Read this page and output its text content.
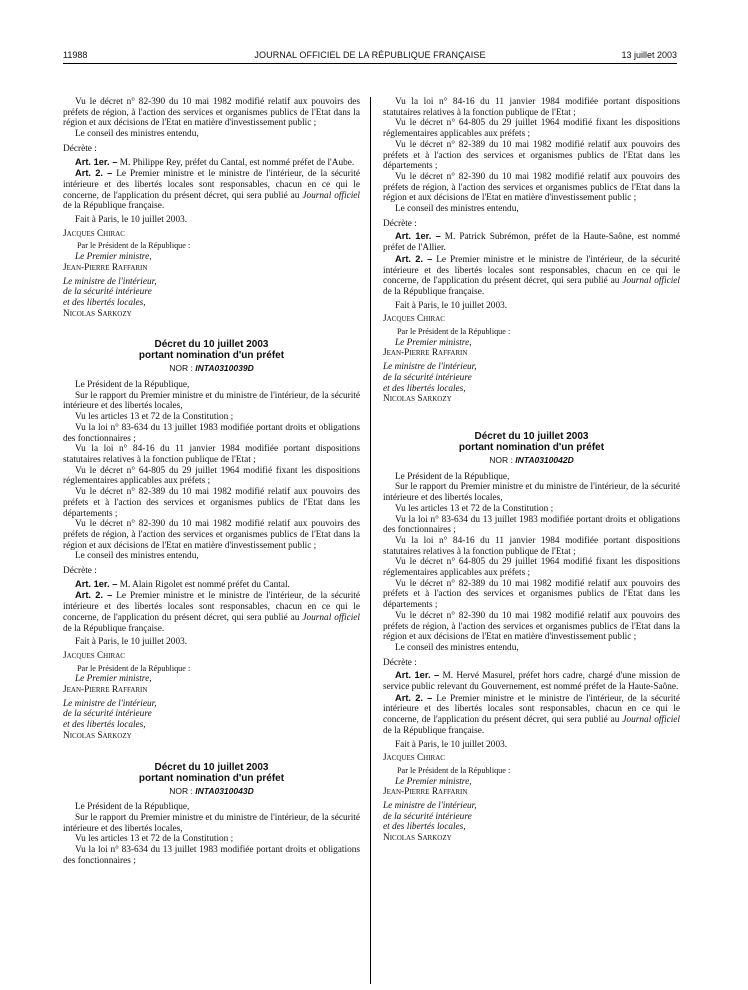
11988	JOURNAL OFFICIEL DE LA RÉPUBLIQUE FRANÇAISE	13 juillet 2003

Vu le décret n° 82-390 du 10 mai 1982 modifié relatif aux pouvoirs des préfets de région, à l'action des services et organismes publics de l'Etat dans la région et aux décisions de l'Etat en matière d'investissement public ;

Le conseil des ministres entendu,

Décrète :

Art. 1er. – M. Philippe Rey, préfet du Cantal, est nommé préfet de l'Aube.

Art. 2. – Le Premier ministre et le ministre de l'intérieur, de la sécurité intérieure et des libertés locales sont responsables, chacun en ce qui le concerne, de l'application du présent décret, qui sera publié au Journal officiel de la République française.

Fait à Paris, le 10 juillet 2003.

Jacques Chirac

Par le Président de la République :

Le Premier ministre,

Jean-Pierre Raffarin

Le ministre de l'intérieur,
de la sécurité intérieure
et des libertés locales,

Nicolas Sarkozy

Décret du 10 juillet 2003
portant nomination d'un préfet
NOR : INTA0310039D

Le Président de la République,

Sur le rapport du Premier ministre et du ministre de l'intérieur, de la sécurité intérieure et des libertés locales,

Vu les articles 13 et 72 de la Constitution ;

Vu la loi n° 83-634 du 13 juillet 1983 modifiée portant droits et obligations des fonctionnaires ;

Vu la loi n° 84-16 du 11 janvier 1984 modifiée portant dispositions statutaires relatives à la fonction publique de l'Etat ;

Vu le décret n° 64-805 du 29 juillet 1964 modifié fixant les dispositions réglementaires applicables aux préfets ;

Vu le décret n° 82-389 du 10 mai 1982 modifié relatif aux pouvoirs des préfets et à l'action des services et organismes publics de l'Etat dans les départements ;

Vu le décret n° 82-390 du 10 mai 1982 modifié relatif aux pouvoirs des préfets de région, à l'action des services et organismes publics de l'Etat dans la région et aux décisions de l'Etat en matière d'investissement public ;

Le conseil des ministres entendu,

Décrète :

Art. 1er. – M. Alain Rigolet est nommé préfet du Cantal.

Art. 2. – Le Premier ministre et le ministre de l'intérieur, de la sécurité intérieure et des libertés locales sont responsables, chacun en ce qui le concerne, de l'application du présent décret, qui sera publié au Journal officiel de la République française.

Fait à Paris, le 10 juillet 2003.

Jacques Chirac

Par le Président de la République :

Le Premier ministre,

Jean-Pierre Raffarin

Le ministre de l'intérieur,
de la sécurité intérieure
et des libertés locales,

Nicolas Sarkozy

Décret du 10 juillet 2003
portant nomination d'un préfet
NOR : INTA0310043D

Le Président de la République,

Sur le rapport du Premier ministre et du ministre de l'intérieur, de la sécurité intérieure et des libertés locales,

Vu les articles 13 et 72 de la Constitution ;

Vu la loi n° 83-634 du 13 juillet 1983 modifiée portant droits et obligations des fonctionnaires ;

Vu la loi n° 84-16 du 11 janvier 1984 modifiée portant dispositions statutaires relatives à la fonction publique de l'Etat ;

Vu le décret n° 64-805 du 29 juillet 1964 modifié fixant les dispositions réglementaires applicables aux préfets ;

Vu le décret n° 82-389 du 10 mai 1982 modifié relatif aux pouvoirs des préfets et à l'action des services et organismes publics de l'Etat dans les départements ;

Vu le décret n° 82-390 du 10 mai 1982 modifié relatif aux pouvoirs des préfets de région, à l'action des services et organismes publics de l'Etat dans la région et aux décisions de l'Etat en matière d'investissement public ;

Le conseil des ministres entendu,

Décrète :

Art. 1er. – M. Patrick Subrémon, préfet de la Haute-Saône, est nommé préfet de l'Allier.

Art. 2. – Le Premier ministre et le ministre de l'intérieur, de la sécurité intérieure et des libertés locales sont responsables, chacun en ce qui le concerne, de l'application du présent décret, qui sera publié au Journal officiel de la République française.

Fait à Paris, le 10 juillet 2003.

Jacques Chirac

Par le Président de la République :

Le Premier ministre,

Jean-Pierre Raffarin

Le ministre de l'intérieur,
de la sécurité intérieure
et des libertés locales,

Nicolas Sarkozy

Décret du 10 juillet 2003
portant nomination d'un préfet
NOR : INTA0310042D

Le Président de la République,

Sur le rapport du Premier ministre et du ministre de l'intérieur, de la sécurité intérieure et des libertés locales,

Vu les articles 13 et 72 de la Constitution ;

Vu la loi n° 83-634 du 13 juillet 1983 modifiée portant droits et obligations des fonctionnaires ;

Vu la loi n° 84-16 du 11 janvier 1984 modifiée portant dispositions statutaires relatives à la fonction publique de l'Etat ;

Vu le décret n° 64-805 du 29 juillet 1964 modifié fixant les dispositions réglementaires applicables aux préfets ;

Vu le décret n° 82-389 du 10 mai 1982 modifié relatif aux pouvoirs des préfets et à l'action des services et organismes publics de l'Etat dans les départements ;

Vu le décret n° 82-390 du 10 mai 1982 modifié relatif aux pouvoirs des préfets de région, à l'action des services et organismes publics de l'Etat dans la région et aux décisions de l'Etat en matière d'investissement public ;

Le conseil des ministres entendu,

Décrète :

Art. 1er. – M. Hervé Masurel, préfet hors cadre, chargé d'une mission de service public relevant du Gouvernement, est nommé préfet de la Haute-Saône.

Art. 2. – Le Premier ministre et le ministre de l'intérieur, de la sécurité intérieure et des libertés locales sont responsables, chacun en ce qui le concerne, de l'application du présent décret, qui sera publié au Journal officiel de la République française.

Fait à Paris, le 10 juillet 2003.

Jacques Chirac

Par le Président de la République :

Le Premier ministre,

Jean-Pierre Raffarin

Le ministre de l'intérieur,
de la sécurité intérieure
et des libertés locales,

Nicolas Sarkozy
